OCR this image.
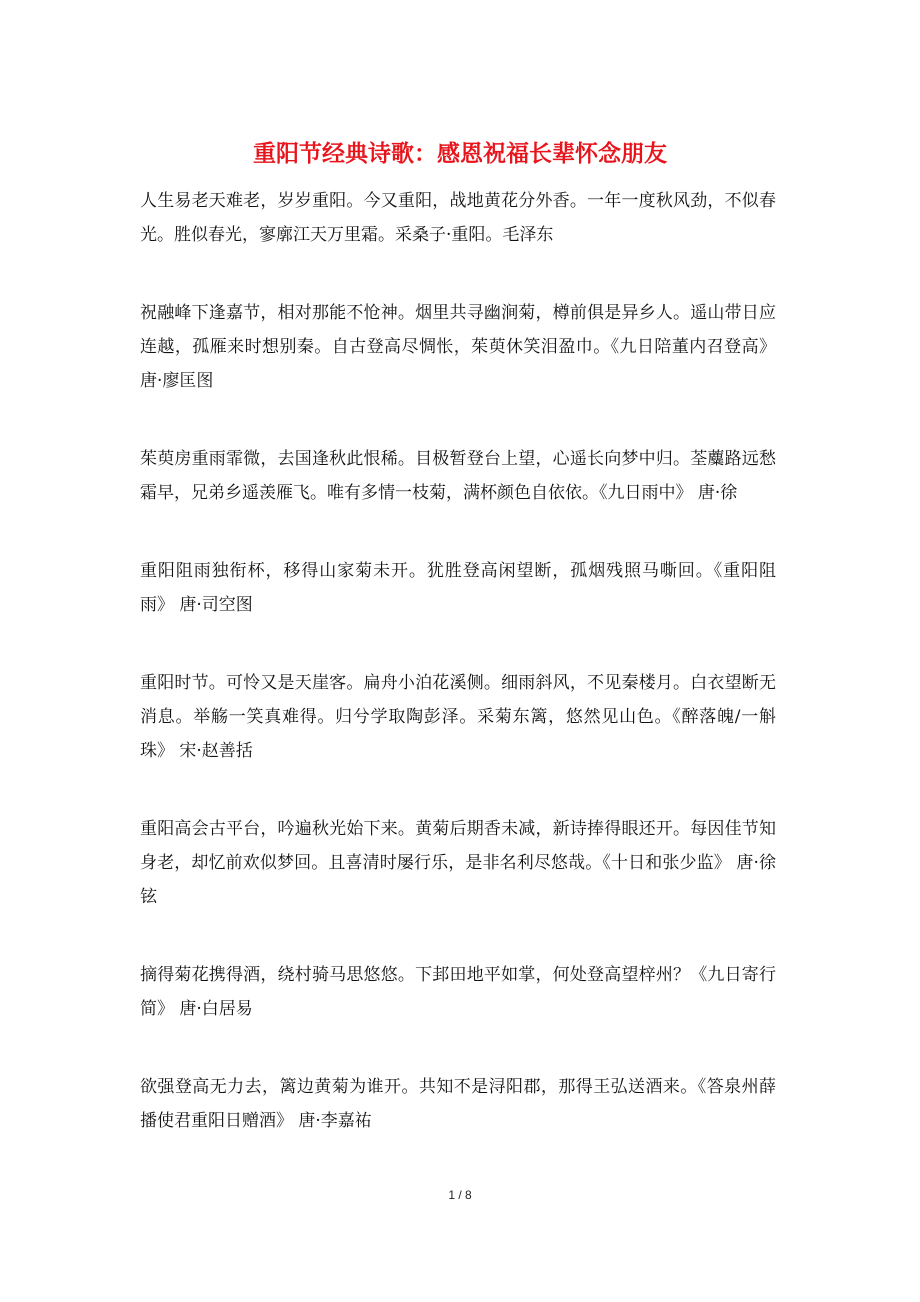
重阳节经典诗歌：感恩祝福长辈怀念朋友

人生易老天难老，岁岁重阳。今又重阳，战地黄花分外香。一年一度秋风劲，不似春光。胜似春光，寥廓江天万里霜。采桑子·重阳。毛泽东

祝融峰下逢嘉节，相对那能不怆神。烟里共寻幽涧菊，樽前俱是异乡人。遥山带日应连越，孤雁来时想别秦。自古登高尽惆怅，茱萸休笑泪盈巾。《九日陪董内召登高》 唐·廖匡图

茱萸房重雨霏微，去国逢秋此恨稀。目极暂登台上望，心遥长向梦中归。荃蘪路远愁霜早，兄弟乡遥羡雁飞。唯有多情一枝菊，满杯颜色自依依。《九日雨中》 唐·徐

重阳阻雨独衔杯，移得山家菊未开。犹胜登高闲望断，孤烟残照马嘶回。《重阳阻雨》 唐·司空图

重阳时节。可怜又是天崖客。扁舟小泊花溪侧。细雨斜风，不见秦楼月。白衣望断无消息。举觞一笑真难得。归兮学取陶彭泽。采菊东篱，悠然见山色。《醉落魄/一斛珠》 宋·赵善括

重阳高会古平台，吟遍秋光始下来。黄菊后期香未减，新诗捧得眼还开。每因佳节知身老，却忆前欢似梦回。且喜清时屡行乐，是非名利尽悠哉。《十日和张少监》 唐·徐铉

摘得菊花携得酒，绕村骑马思悠悠。下邽田地平如掌，何处登高望梓州？《九日寄行简》 唐·白居易

欲强登高无力去，篱边黄菊为谁开。共知不是浔阳郡，那得王弘送酒来。《答泉州薛播使君重阳日赠酒》 唐·李嘉祐

1 / 8
